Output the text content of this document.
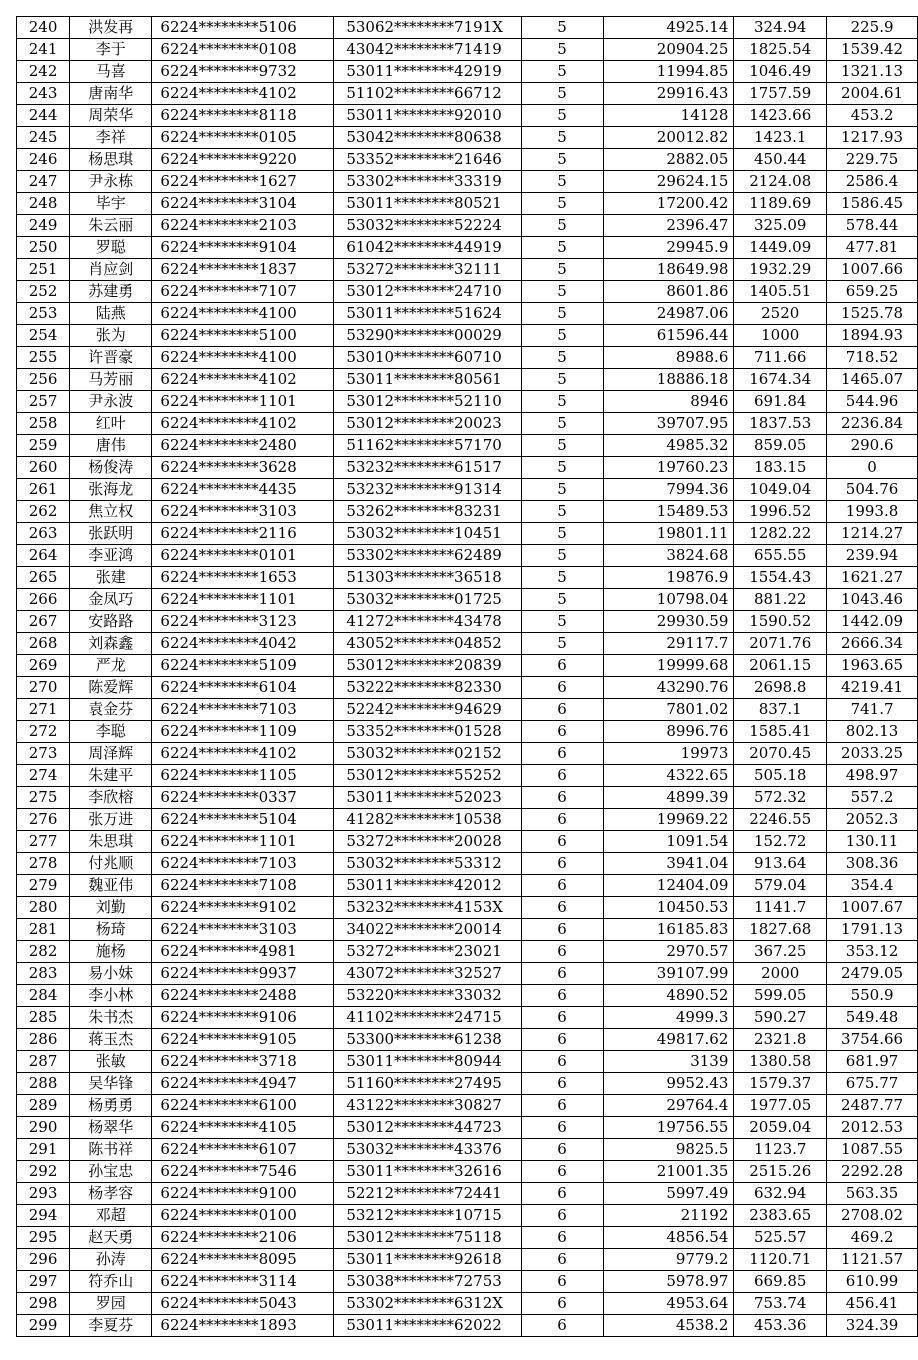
240	洪发再	6224********5106	53062********7191X	5	4925.14	324.94	225.9
241	李于	6224********0108	43042********71419	5	20904.25	1825.54	1539.42
242	马喜	6224********9732	53011********42919	5	11994.85	1046.49	1321.13
243	唐南华	6224********4102	51102********66712	5	29916.43	1757.59	2004.61
244	周荣华	6224********8118	53011********92010	5	14128	1423.66	453.2
245	李祥	6224********0105	53042********80638	5	20012.82	1423.1	1217.93
246	杨思琪	6224********9220	53352********21646	5	2882.05	450.44	229.75
247	尹永栋	6224********1627	53302********33319	5	29624.15	2124.08	2586.4
248	毕宇	6224********3104	53011********80521	5	17200.42	1189.69	1586.45
249	朱云丽	6224********2103	53032********52224	5	2396.47	325.09	578.44
250	罗聪	6224********9104	61042********44919	5	29945.9	1449.09	477.81
251	肖应剑	6224********1837	53272********32111	5	18649.98	1932.29	1007.66
252	苏建勇	6224********7107	53012********24710	5	8601.86	1405.51	659.25
253	陆燕	6224********4100	53011********51624	5	24987.06	2520	1525.78
254	张为	6224********5100	53290********00029	5	61596.44	1000	1894.93
255	许晋豪	6224********4100	53010********60710	5	8988.6	711.66	718.52
256	马芳丽	6224********4102	53011********80561	5	18886.18	1674.34	1465.07
257	尹永波	6224********1101	53012********52110	5	8946	691.84	544.96
258	红叶	6224********4102	53012********20023	5	39707.95	1837.53	2236.84
259	唐伟	6224********2480	51162********57170	5	4985.32	859.05	290.6
260	杨俊涛	6224********3628	53232********61517	5	19760.23	183.15	0
261	张海龙	6224********4435	53232********91314	5	7994.36	1049.04	504.76
262	焦立权	6224********3103	53262********83231	5	15489.53	1996.52	1993.8
263	张跃明	6224********2116	53032********10451	5	19801.11	1282.22	1214.27
264	李亚鸿	6224********0101	53302********62489	5	3824.68	655.55	239.94
265	张建	6224********1653	51303********36518	5	19876.9	1554.43	1621.27
266	金凤巧	6224********1101	53032********01725	5	10798.04	881.22	1043.46
267	安路路	6224********3123	41272********43478	5	29930.59	1590.52	1442.09
268	刘森鑫	6224********4042	43052********04852	5	29117.7	2071.76	2666.34
269	严龙	6224********5109	53012********20839	6	19999.68	2061.15	1963.65
270	陈爱辉	6224********6104	53222********82330	6	43290.76	2698.8	4219.41
271	袁金芬	6224********7103	52242********94629	6	7801.02	837.1	741.7
272	李聪	6224********1109	53352********01528	6	8996.76	1585.41	802.13
273	周泽辉	6224********4102	53032********02152	6	19973	2070.45	2033.25
274	朱建平	6224********1105	53012********55252	6	4322.65	505.18	498.97
275	李欣榕	6224********0337	53011********52023	6	4899.39	572.32	557.2
276	张万进	6224********5104	41282********10538	6	19969.22	2246.55	2052.3
277	朱思琪	6224********1101	53272********20028	6	1091.54	152.72	130.11
278	付兆顺	6224********7103	53032********53312	6	3941.04	913.64	308.36
279	魏亚伟	6224********7108	53011********42012	6	12404.09	579.04	354.4
280	刘勤	6224********9102	53232********4153X	6	10450.53	1141.7	1007.67
281	杨琦	6224********3103	34022********20014	6	16185.83	1827.68	1791.13
282	施杨	6224********4981	53272********23021	6	2970.57	367.25	353.12
283	易小妹	6224********9937	43072********32527	6	39107.99	2000	2479.05
284	李小林	6224********2488	53220********33032	6	4890.52	599.05	550.9
285	朱书杰	6224********9106	41102********24715	6	4999.3	590.27	549.48
286	蒋玉杰	6224********9105	53300********61238	6	49817.62	2321.8	3754.66
287	张敏	6224********3718	53011********80944	6	3139	1380.58	681.97
288	吴华锋	6224********4947	51160********27495	6	9952.43	1579.37	675.77
289	杨勇勇	6224********6100	43122********30827	6	29764.4	1977.05	2487.77
290	杨翠华	6224********4105	53012********44723	6	19756.55	2059.04	2012.53
291	陈书祥	6224********6107	53032********43376	6	9825.5	1123.7	1087.55
292	孙宝忠	6224********7546	53011********32616	6	21001.35	2515.26	2292.28
293	杨孝容	6224********9100	52212********72441	6	5997.49	632.94	563.35
294	邓超	6224********0100	53212********10715	6	21192	2383.65	2708.02
295	赵天勇	6224********2106	53012********75118	6	4856.54	525.57	469.2
296	孙涛	6224********8095	53011********92618	6	9779.2	1120.71	1121.57
297	符乔山	6224********3114	53038********72753	6	5978.97	669.85	610.99
298	罗园	6224********5043	53302********6312X	6	4953.64	753.74	456.41
299	李夏芬	6224********1893	53011********62022	6	4538.2	453.36	324.39
